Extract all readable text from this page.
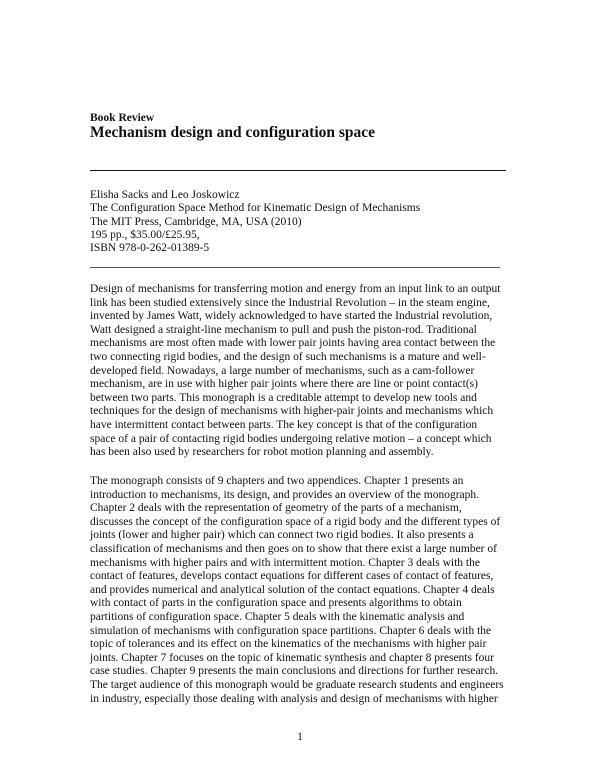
Book Review
Mechanism design and configuration space
Elisha Sacks and Leo Joskowicz
The Configuration Space Method for Kinematic Design of Mechanisms
The MIT Press, Cambridge, MA, USA (2010)
195 pp., $35.00/£25.95,
ISBN 978-0-262-01389-5
Design of mechanisms for transferring motion and energy from an input link to an output
link has been studied extensively since the Industrial Revolution – in the steam engine,
invented by James Watt, widely acknowledged to have started the Industrial revolution,
Watt designed a straight-line mechanism to pull and push the piston-rod. Traditional
mechanisms are most often made with lower pair joints having area contact between the
two connecting rigid bodies, and the design of such mechanisms is a mature and well-
developed field. Nowadays, a large number of mechanisms, such as a cam-follower
mechanism, are in use with higher pair joints where there are line or point contact(s)
between two parts. This monograph is a creditable attempt to develop new tools and
techniques for the design of mechanisms with higher-pair joints and mechanisms which
have intermittent contact between parts. The key concept is that of the configuration
space of a pair of contacting rigid bodies undergoing relative motion – a concept which
has been also used by researchers for robot motion planning and assembly.
The monograph consists of 9 chapters and two appendices. Chapter 1 presents an
introduction to mechanisms, its design, and provides an overview of the monograph.
Chapter 2 deals with the representation of geometry of the parts of a mechanism,
discusses the concept of the configuration space of a rigid body and the different types of
joints (lower and higher pair) which can connect two rigid bodies. It also presents a
classification of mechanisms and then goes on to show that there exist a large number of
mechanisms with higher pairs and with intermittent motion. Chapter 3 deals with the
contact of features, develops contact equations for different cases of contact of features,
and provides numerical and analytical solution of the contact equations. Chapter 4 deals
with contact of parts in the configuration space and presents algorithms to obtain
partitions of configuration space. Chapter 5 deals with the kinematic analysis and
simulation of mechanisms with configuration space partitions. Chapter 6 deals with the
topic of tolerances and its effect on the kinematics of the mechanisms with higher pair
joints. Chapter 7 focuses on the topic of kinematic synthesis and chapter 8 presents four
case studies. Chapter 9 presents the main conclusions and directions for further research.
The target audience of this monograph would be graduate research students and engineers
in industry, especially those dealing with analysis and design of mechanisms with higher
1
